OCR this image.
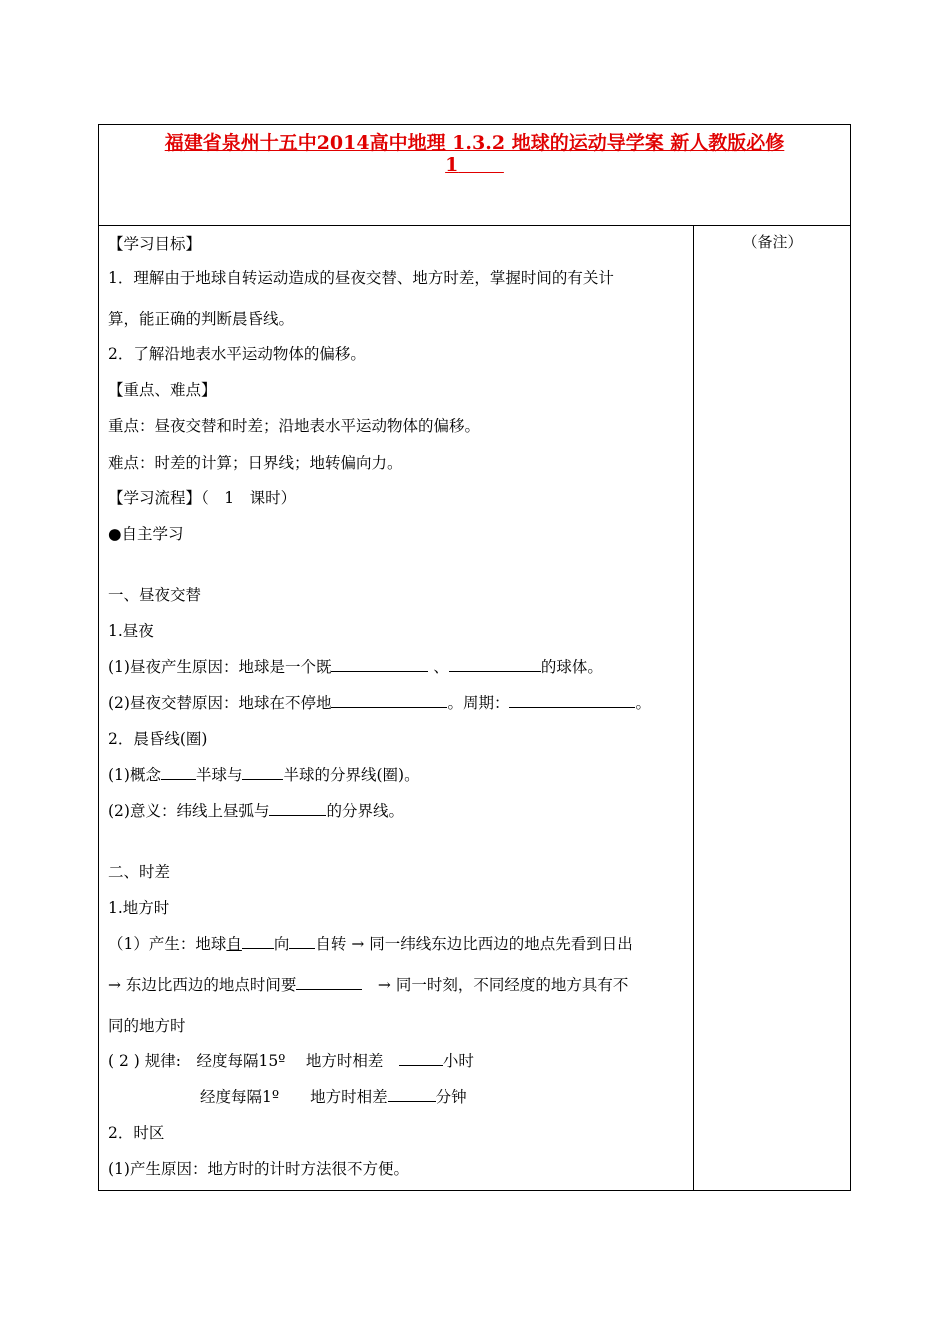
福建省泉州十五中2014高中地理 1.3.2 地球的运动导学案 新人教版必修
1            
（备注）
【学习目标】
1．理解由于地球自转运动造成的昼夜交替、地方时差，掌握时间的有关计
算，能正确的判断晨昏线。
2．了解沿地表水平运动物体的偏移。
【重点、难点】
重点：昼夜交替和时差；沿地表水平运动物体的偏移。
难点：时差的计算；日界线；地转偏向力。
【学习流程】（　1　课时）
●自主学习
一、昼夜交替
1.昼夜
(1)昼夜产生原因：地球是一个既	、	的球体。
(2)昼夜交替原因：地球在不停地	。周期：	。
2．晨昏线(圈)
(1)概念 半球与	半球的分界线(圈)。
(2)意义：纬线上昼弧与	的分界线。
二、时差
1.地方时
（1）产生：地球自 向 自转 → 同一纬线东边比西边的地点先看到日出
→ 东边比西边的地点时间要 	→ 同一时刻，不同经度的地方具有不
同的地方时
( 2 ) 规律:　经度每隔15º　 地方时相差 	小时
经度每隔1º　　地方时相差	分钟
2．时区
(1)产生原因：地方时的计时方法很不方便。
